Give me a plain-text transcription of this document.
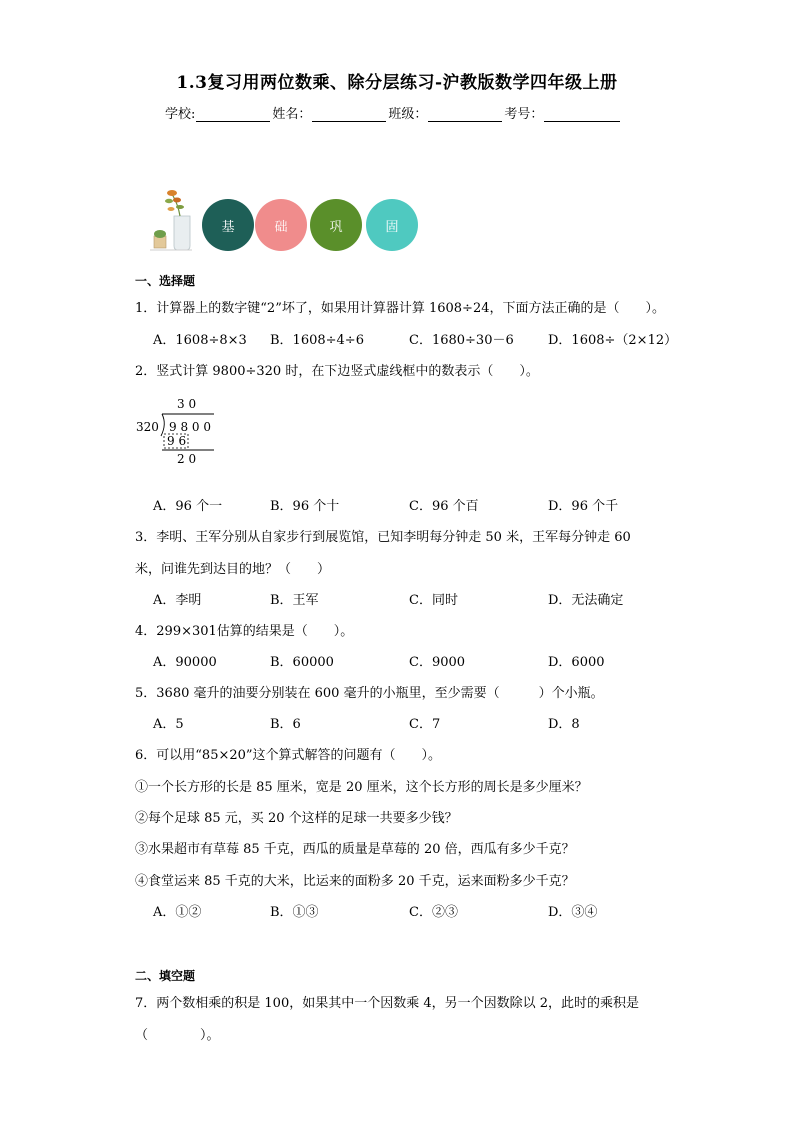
1.3复习用两位数乘、除分层练习-沪教版数学四年级上册
学校:	姓名：	班级：	考号：
基	础	巩	固
一、选择题
1．计算器上的数字键“2”坏了，如果用计算器计算 1608÷24，下面方法正确的是（　　）。
A．1608÷8×3 B．1608÷4÷6	C．1680÷30－6	D．1608÷（2×12）
2．竖式计算 9800÷320 时，在下边竖式虚线框中的数表示（　　）。
3 0
320 9 8 0 0
9 6
2 0
A．96 个一	B．96 个十	C．96 个百	D．96 个千
3．李明、王军分别从自家步行到展览馆，已知李明每分钟走 50 米，王军每分钟走 60
米，问谁先到达目的地？（　　）
A．李明	B．王军	C．同时	D．无法确定
4．299×301估算的结果是（　　）。
A．90000	B．60000	C．9000	D．6000
5．3680 毫升的油要分别装在 600 毫升的小瓶里，至少需要（　　　）个小瓶。
A．5	B．6	C．7	D．8
6．可以用“85×20”这个算式解答的问题有（　　）。
①一个长方形的长是 85 厘米，宽是 20 厘米，这个长方形的周长是多少厘米？
②每个足球 85 元，买 20 个这样的足球一共要多少钱？
③水果超市有草莓 85 千克，西瓜的质量是草莓的 20 倍，西瓜有多少千克？
④食堂运来 85 千克的大米，比运来的面粉多 20 千克，运来面粉多少千克？
A．①②	B．①③	C．②③	D．③④
二、填空题
7．两个数相乘的积是 100，如果其中一个因数乘 4，另一个因数除以 2，此时的乘积是
（　　　　）。
